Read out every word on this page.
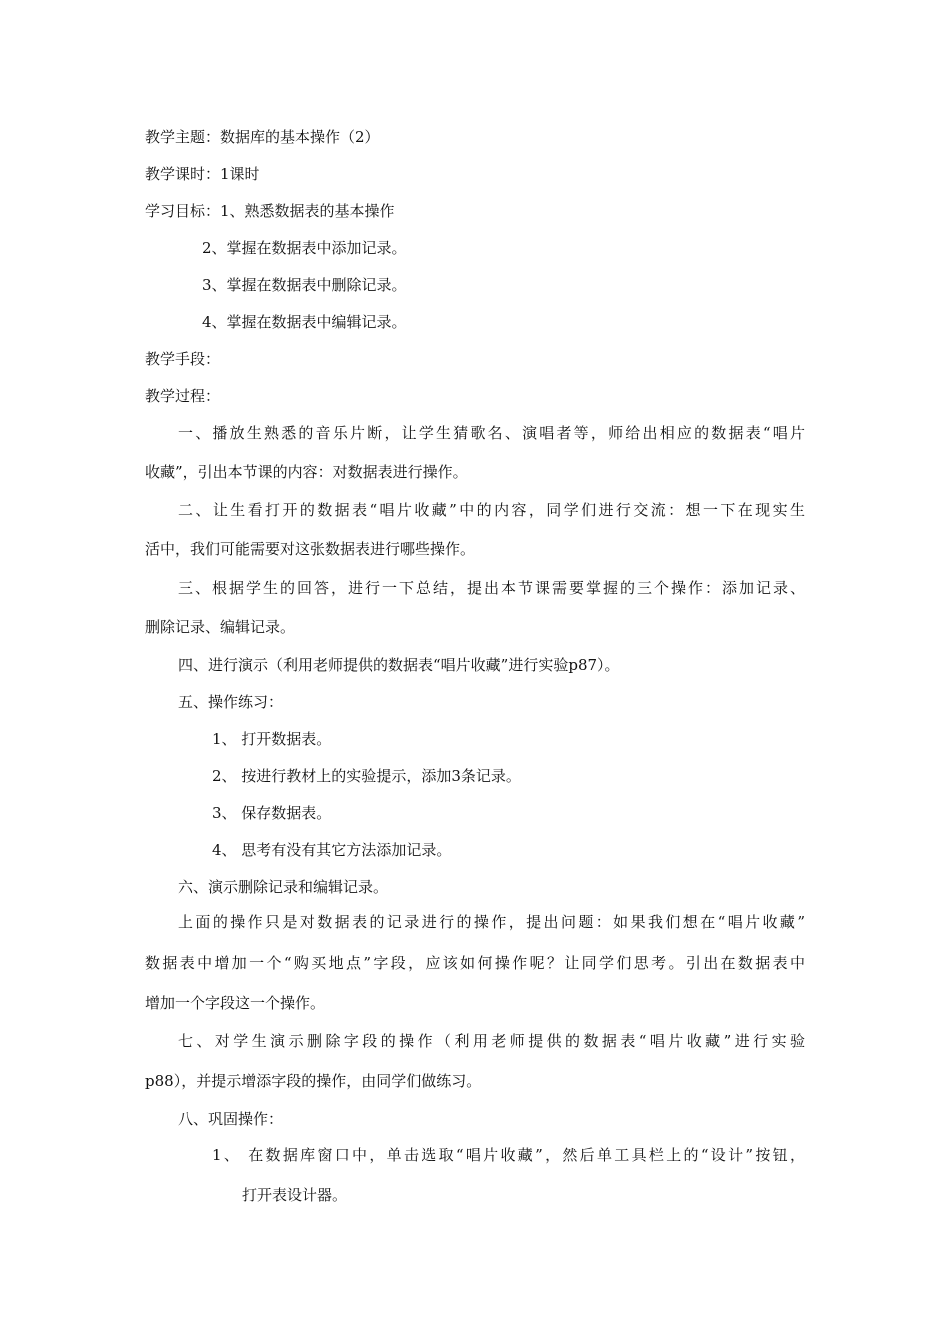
教学主题：数据库的基本操作（2）

教学课时：1课时

学习目标：1、熟悉数据表的基本操作

2、掌握在数据表中添加记录。

3、掌握在数据表中删除记录。

4、掌握在数据表中编辑记录。

教学手段：

教学过程：

一、播放生熟悉的音乐片断，让学生猜歌名、演唱者等，师给出相应的数据表“唱片

收藏”，引出本节课的内容：对数据表进行操作。

二、让生看打开的数据表“唱片收藏”中的内容，同学们进行交流：想一下在现实生

活中，我们可能需要对这张数据表进行哪些操作。

三、根据学生的回答，进行一下总结，提出本节课需要掌握的三个操作：添加记录、

删除记录、编辑记录。

四、进行演示（利用老师提供的数据表“唱片收藏”进行实验p87）。

五、操作练习：

1、 打开数据表。

2、 按进行教材上的实验提示，添加3条记录。

3、 保存数据表。

4、 思考有没有其它方法添加记录。

六、演示删除记录和编辑记录。

上面的操作只是对数据表的记录进行的操作，提出问题：如果我们想在“唱片收藏”

数据表中增加一个“购买地点”字段，应该如何操作呢？让同学们思考。引出在数据表中

增加一个字段这一个操作。

七、对学生演示删除字段的操作（利用老师提供的数据表“唱片收藏”进行实验

p88），并提示增添字段的操作，由同学们做练习。

八、巩固操作：

1、 在数据库窗口中，单击选取“唱片收藏”，然后单工具栏上的“设计”按钮，

打开表设计器。
